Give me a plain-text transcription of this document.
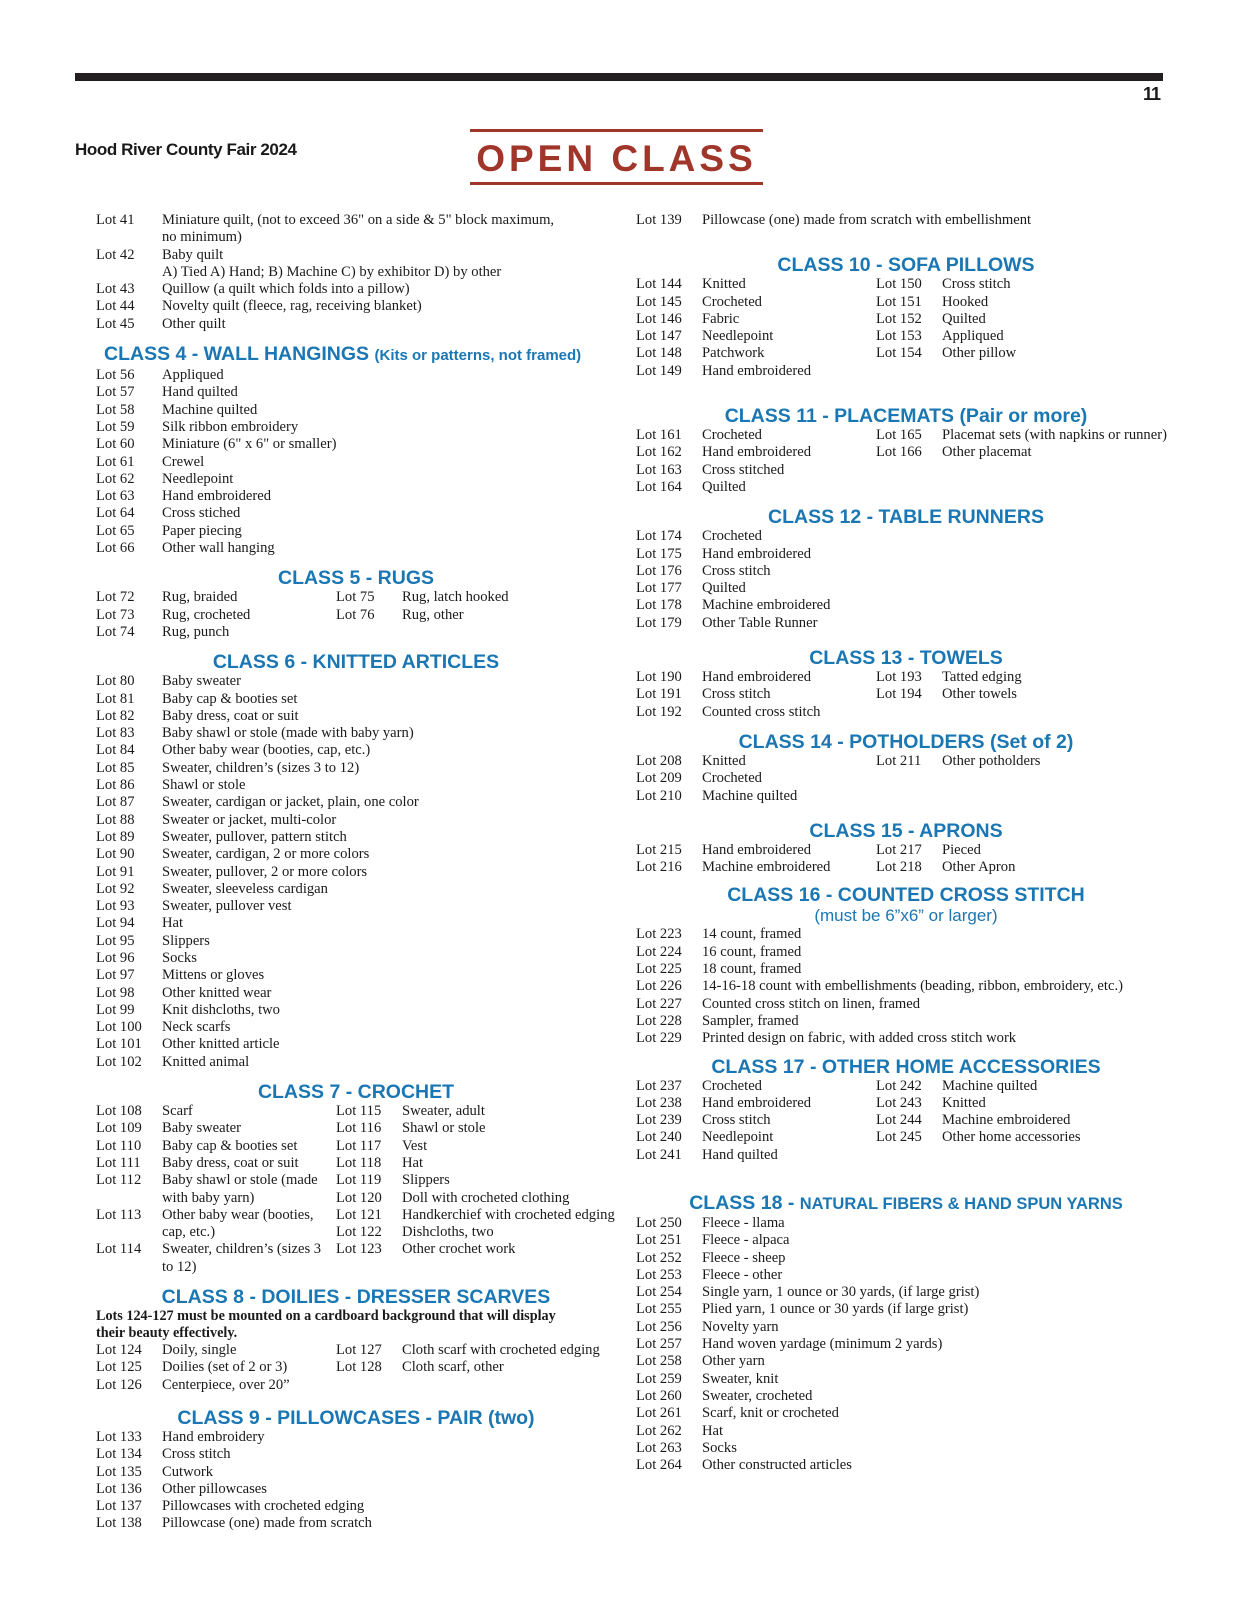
11
Hood River County Fair 2024	OPEN CLASS
Lot 41	Miniature quilt, (not to exceed 36" on a side & 5" block maximum,
no minimum)
Lot 42	Baby quilt
A) Tied A) Hand; B) Machine C) by exhibitor D) by other
Lot 43	Quillow (a quilt which folds into a pillow)
Lot 44	Novelty quilt (fleece, rag, receiving blanket)
Lot 45	Other quilt
CLASS 4 - WALL HANGINGS (Kits or patterns, not framed)
Lot 56	Appliqued
Lot 57	Hand quilted
Lot 58	Machine quilted
Lot 59	Silk ribbon embroidery
Lot 60	Miniature (6" x 6" or smaller)
Lot 61	Crewel
Lot 62	Needlepoint
Lot 63	Hand embroidered
Lot 64	Cross stiched
Lot 65	Paper piecing
Lot 66	Other wall hanging
CLASS 5 - RUGS
Lot 72	Rug, braided
Lot 73	Rug, crocheted
Lot 74	Rug, punch
Lot 75	Rug, latch hooked
Lot 76	Rug, other
CLASS 6 - KNITTED ARTICLES
Lot 80	Baby sweater
Lot 81	Baby cap & booties set
Lot 82	Baby dress, coat or suit
Lot 83	Baby shawl or stole (made with baby yarn)
Lot 84	Other baby wear (booties, cap, etc.)
Lot 85	Sweater, children’s (sizes 3 to 12)
Lot 86	Shawl or stole
Lot 87	Sweater, cardigan or jacket, plain, one color
Lot 88	Sweater or jacket, multi-color
Lot 89	Sweater, pullover, pattern stitch
Lot 90	Sweater, cardigan, 2 or more colors
Lot 91	Sweater, pullover, 2 or more colors
Lot 92	Sweater, sleeveless cardigan
Lot 93	Sweater, pullover vest
Lot 94	Hat
Lot 95	Slippers
Lot 96	Socks
Lot 97	Mittens or gloves
Lot 98	Other knitted wear
Lot 99	Knit dishcloths, two
Lot 100	Neck scarfs
Lot 101	Other knitted article
Lot 102	Knitted animal
CLASS 7 - CROCHET
Lot 108	Scarf
Lot 109	Baby sweater
Lot 110	Baby cap & booties set
Lot 111	Baby dress, coat or suit
Lot 112	Baby shawl or stole (made with baby yarn)
Lot 113	Other baby wear (booties, cap, etc.)
Lot 114	Sweater, children’s (sizes 3 to 12)
Lot 115	Sweater, adult
Lot 116	Shawl or stole
Lot 117	Vest
Lot 118	Hat
Lot 119	Slippers
Lot 120	Doll with crocheted clothing
Lot 121	Handkerchief with crocheted edging
Lot 122	Dishcloths, two
Lot 123	Other crochet work
CLASS 8 - DOILIES - DRESSER SCARVES
Lots 124-127 must be mounted on a cardboard background that will display their beauty effectively.
Lot 124	Doily, single
Lot 125	Doilies (set of 2 or 3)
Lot 126	Centerpiece, over 20”
Lot 127	Cloth scarf with crocheted edging
Lot 128	Cloth scarf, other
CLASS 9 - PILLOWCASES - PAIR (two)
Lot 133	Hand embroidery
Lot 134	Cross stitch
Lot 135	Cutwork
Lot 136	Other pillowcases
Lot 137	Pillowcases with crocheted edging
Lot 138	Pillowcase (one) made from scratch
Lot 139	Pillowcase (one) made from scratch with embellishment
CLASS 10 - SOFA PILLOWS
Lot 144	Knitted
Lot 145	Crocheted
Lot 146	Fabric
Lot 147	Needlepoint
Lot 148	Patchwork
Lot 149	Hand embroidered
Lot 150	Cross stitch
Lot 151	Hooked
Lot 152	Quilted
Lot 153	Appliqued
Lot 154	Other pillow
CLASS 11 - PLACEMATS (Pair or more)
Lot 161	Crocheted
Lot 162	Hand embroidered
Lot 163	Cross stitched
Lot 164	Quilted
Lot 165	Placemat sets (with napkins or runner)
Lot 166	Other placemat
CLASS 12 - TABLE RUNNERS
Lot 174	Crocheted
Lot 175	Hand embroidered
Lot 176	Cross stitch
Lot 177	Quilted
Lot 178	Machine embroidered
Lot 179	Other Table Runner
CLASS 13 - TOWELS
Lot 190	Hand embroidered
Lot 191	Cross stitch
Lot 192	Counted cross stitch
Lot 193	Tatted edging
Lot 194	Other towels
CLASS 14 - POTHOLDERS (Set of 2)
Lot 208	Knitted
Lot 209	Crocheted
Lot 210	Machine quilted
Lot 211	Other potholders
CLASS 15 - APRONS
Lot 215	Hand embroidered
Lot 216	Machine embroidered
Lot 217	Pieced
Lot 218	Other Apron
CLASS 16 - COUNTED CROSS STITCH
(must be 6”x6” or larger)
Lot 223	14 count, framed
Lot 224	16 count, framed
Lot 225	18 count, framed
Lot 226	14-16-18 count with embellishments (beading, ribbon, embroidery, etc.)
Lot 227	Counted cross stitch on linen, framed
Lot 228	Sampler, framed
Lot 229	Printed design on fabric, with added cross stitch work
CLASS 17 - OTHER HOME ACCESSORIES
Lot 237	Crocheted
Lot 238	Hand embroidered
Lot 239	Cross stitch
Lot 240	Needlepoint
Lot 241	Hand quilted
Lot 242	Machine quilted
Lot 243	Knitted
Lot 244	Machine embroidered
Lot 245	Other home accessories
CLASS 18 - NATURAL FIBERS & HAND SPUN YARNS
Lot 250	Fleece - llama
Lot 251	Fleece - alpaca
Lot 252	Fleece - sheep
Lot 253	Fleece - other
Lot 254	Single yarn, 1 ounce or 30 yards, (if large grist)
Lot 255	Plied yarn, 1 ounce or 30 yards (if large grist)
Lot 256	Novelty yarn
Lot 257	Hand woven yardage (minimum 2 yards)
Lot 258	Other yarn
Lot 259	Sweater, knit
Lot 260	Sweater, crocheted
Lot 261	Scarf, knit or crocheted
Lot 262	Hat
Lot 263	Socks
Lot 264	Other constructed articles
